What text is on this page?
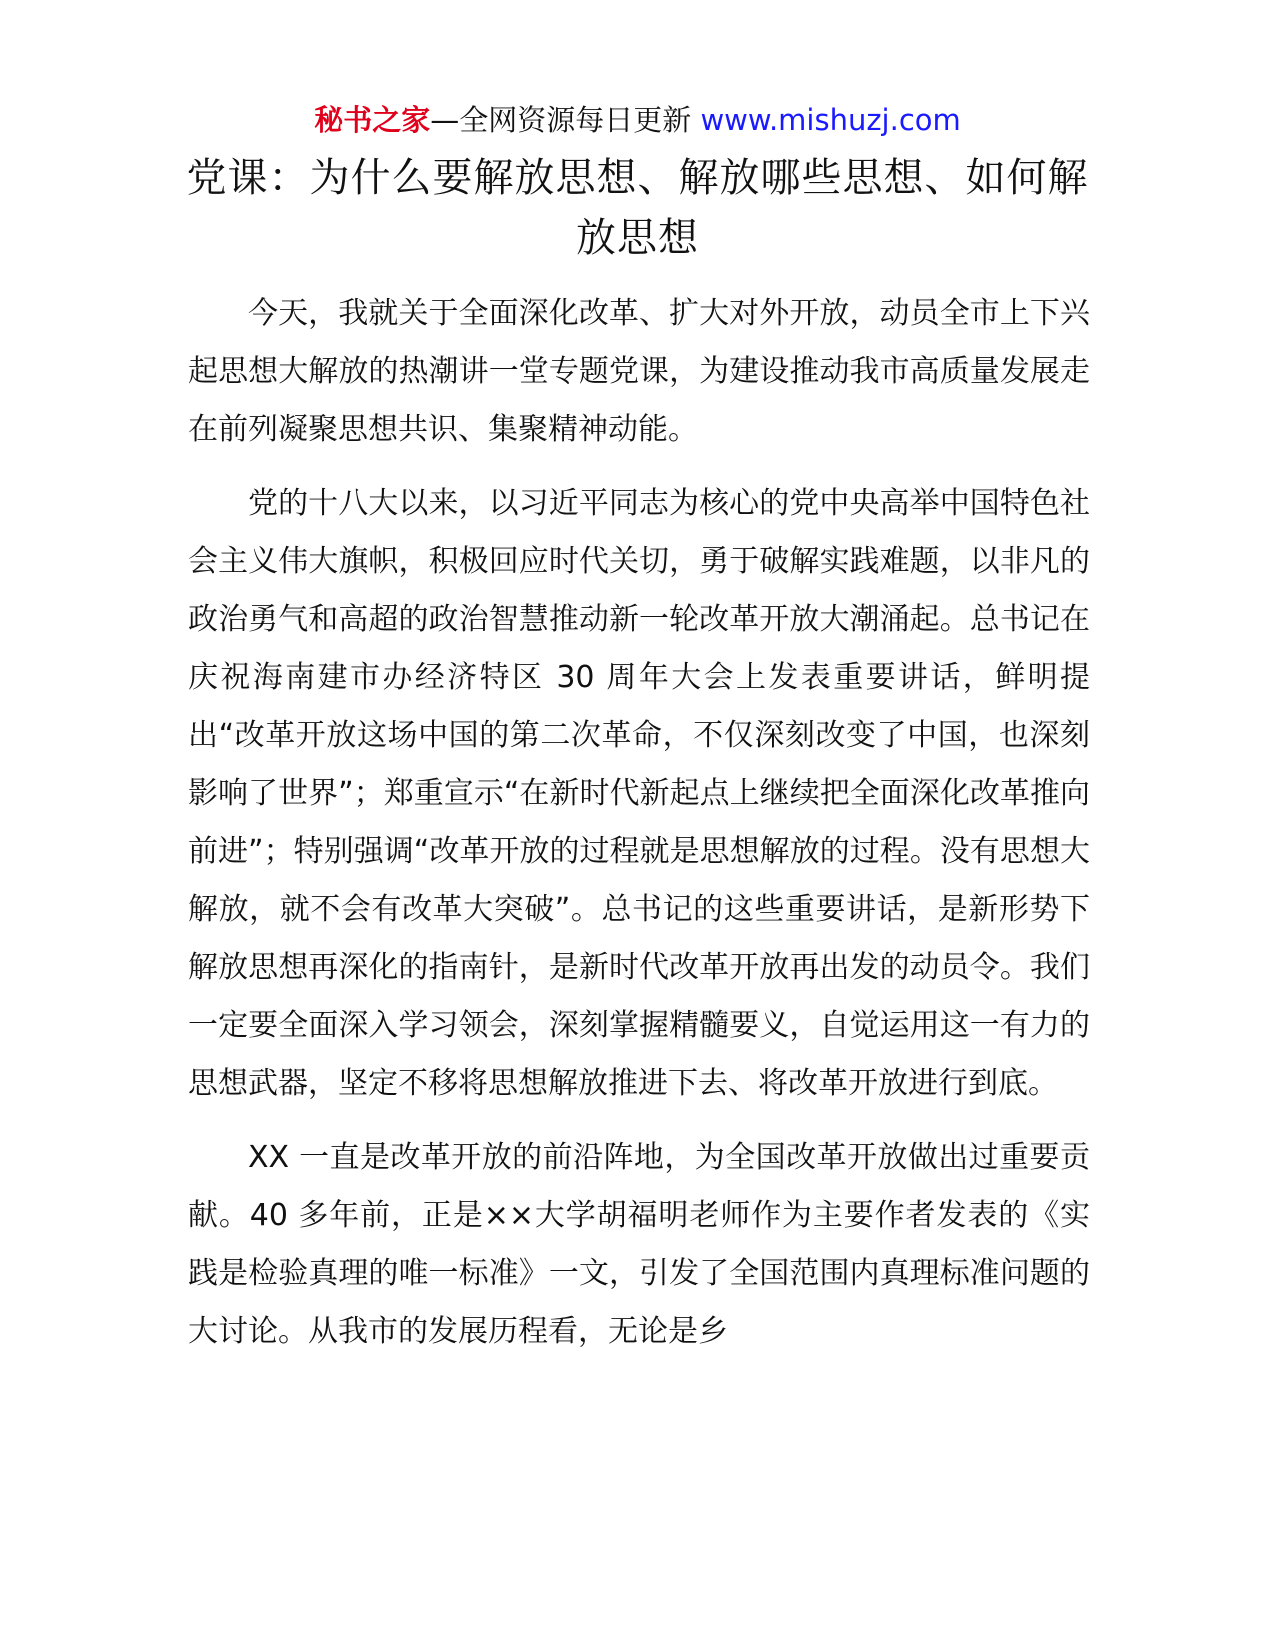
秘书之家—全网资源每日更新 www.mishuzj.com
党课：为什么要解放思想、解放哪些思想、如何解放思想

今天，我就关于全面深化改革、扩大对外开放，动员全市上下兴起思想大解放的热潮讲一堂专题党课，为建设推动我市高质量发展走在前列凝聚思想共识、集聚精神动能。

党的十八大以来，以习近平同志为核心的党中央高举中国特色社会主义伟大旗帜，积极回应时代关切，勇于破解实践难题，以非凡的政治勇气和高超的政治智慧推动新一轮改革开放大潮涌起。总书记在庆祝海南建市办经济特区 30 周年大会上发表重要讲话，鲜明提出“改革开放这场中国的第二次革命，不仅深刻改变了中国，也深刻影响了世界”；郑重宣示“在新时代新起点上继续把全面深化改革推向前进”；特别强调“改革开放的过程就是思想解放的过程。没有思想大解放，就不会有改革大突破”。总书记的这些重要讲话，是新形势下解放思想再深化的指南针，是新时代改革开放再出发的动员令。我们一定要全面深入学习领会，深刻掌握精髓要义，自觉运用这一有力的思想武器，坚定不移将思想解放推进下去、将改革开放进行到底。

XX 一直是改革开放的前沿阵地，为全国改革开放做出过重要贡献。40 多年前，正是××大学胡福明老师作为主要作者发表的《实践是检验真理的唯一标准》一文，引发了全国范围内真理标准问题的大讨论。从我市的发展历程看，无论是乡
